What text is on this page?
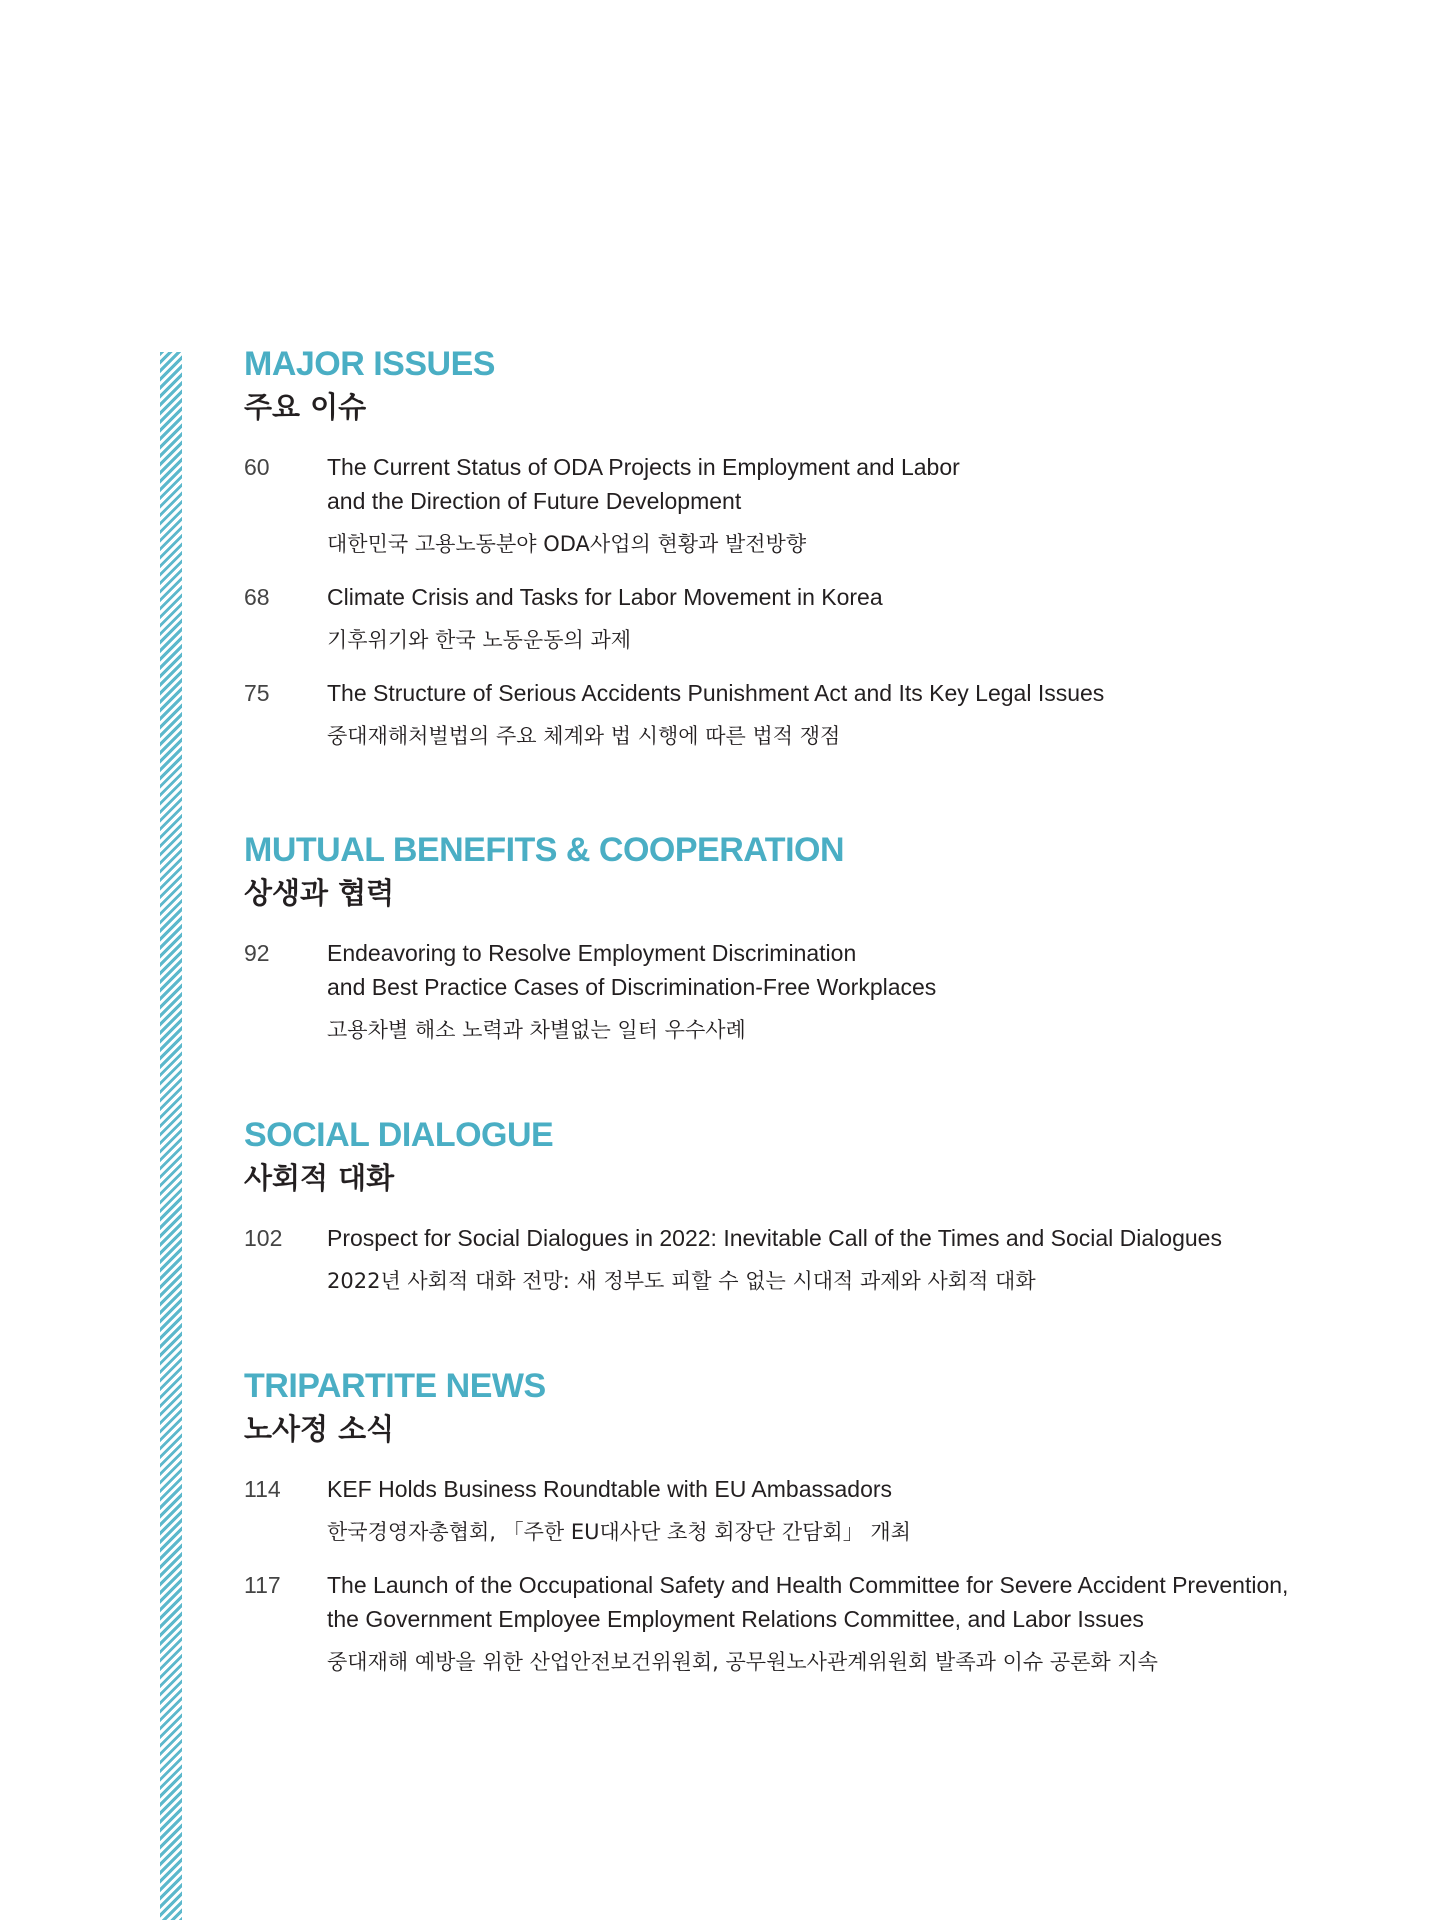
MAJOR ISSUES
주요 이슈
60 The Current Status of ODA Projects in Employment and Labor
and the Direction of Future Development
대한민국 고용노동분야 ODA사업의 현황과 발전방향
68 Climate Crisis and Tasks for Labor Movement in Korea
기후위기와 한국 노동운동의 과제
75 The Structure of Serious Accidents Punishment Act and Its Key Legal Issues
중대재해처벌법의 주요 체계와 법 시행에 따른 법적 쟁점
MUTUAL BENEFITS & COOPERATION
상생과 협력
92 Endeavoring to Resolve Employment Discrimination
and Best Practice Cases of Discrimination-Free Workplaces
고용차별 해소 노력과 차별없는 일터 우수사례
SOCIAL DIALOGUE
사회적 대화
102 Prospect for Social Dialogues in 2022: Inevitable Call of the Times and Social Dialogues
2022년 사회적 대화 전망: 새 정부도 피할 수 없는 시대적 과제와 사회적 대화
TRIPARTITE NEWS
노사정 소식
114 KEF Holds Business Roundtable with EU Ambassadors
한국경영자총협회, 「주한 EU대사단 초청 회장단 간담회」 개최
117 The Launch of the Occupational Safety and Health Committee for Severe Accident Prevention,
the Government Employee Employment Relations Committee, and Labor Issues
중대재해 예방을 위한 산업안전보건위원회, 공무원노사관계위원회 발족과 이슈 공론화 지속
